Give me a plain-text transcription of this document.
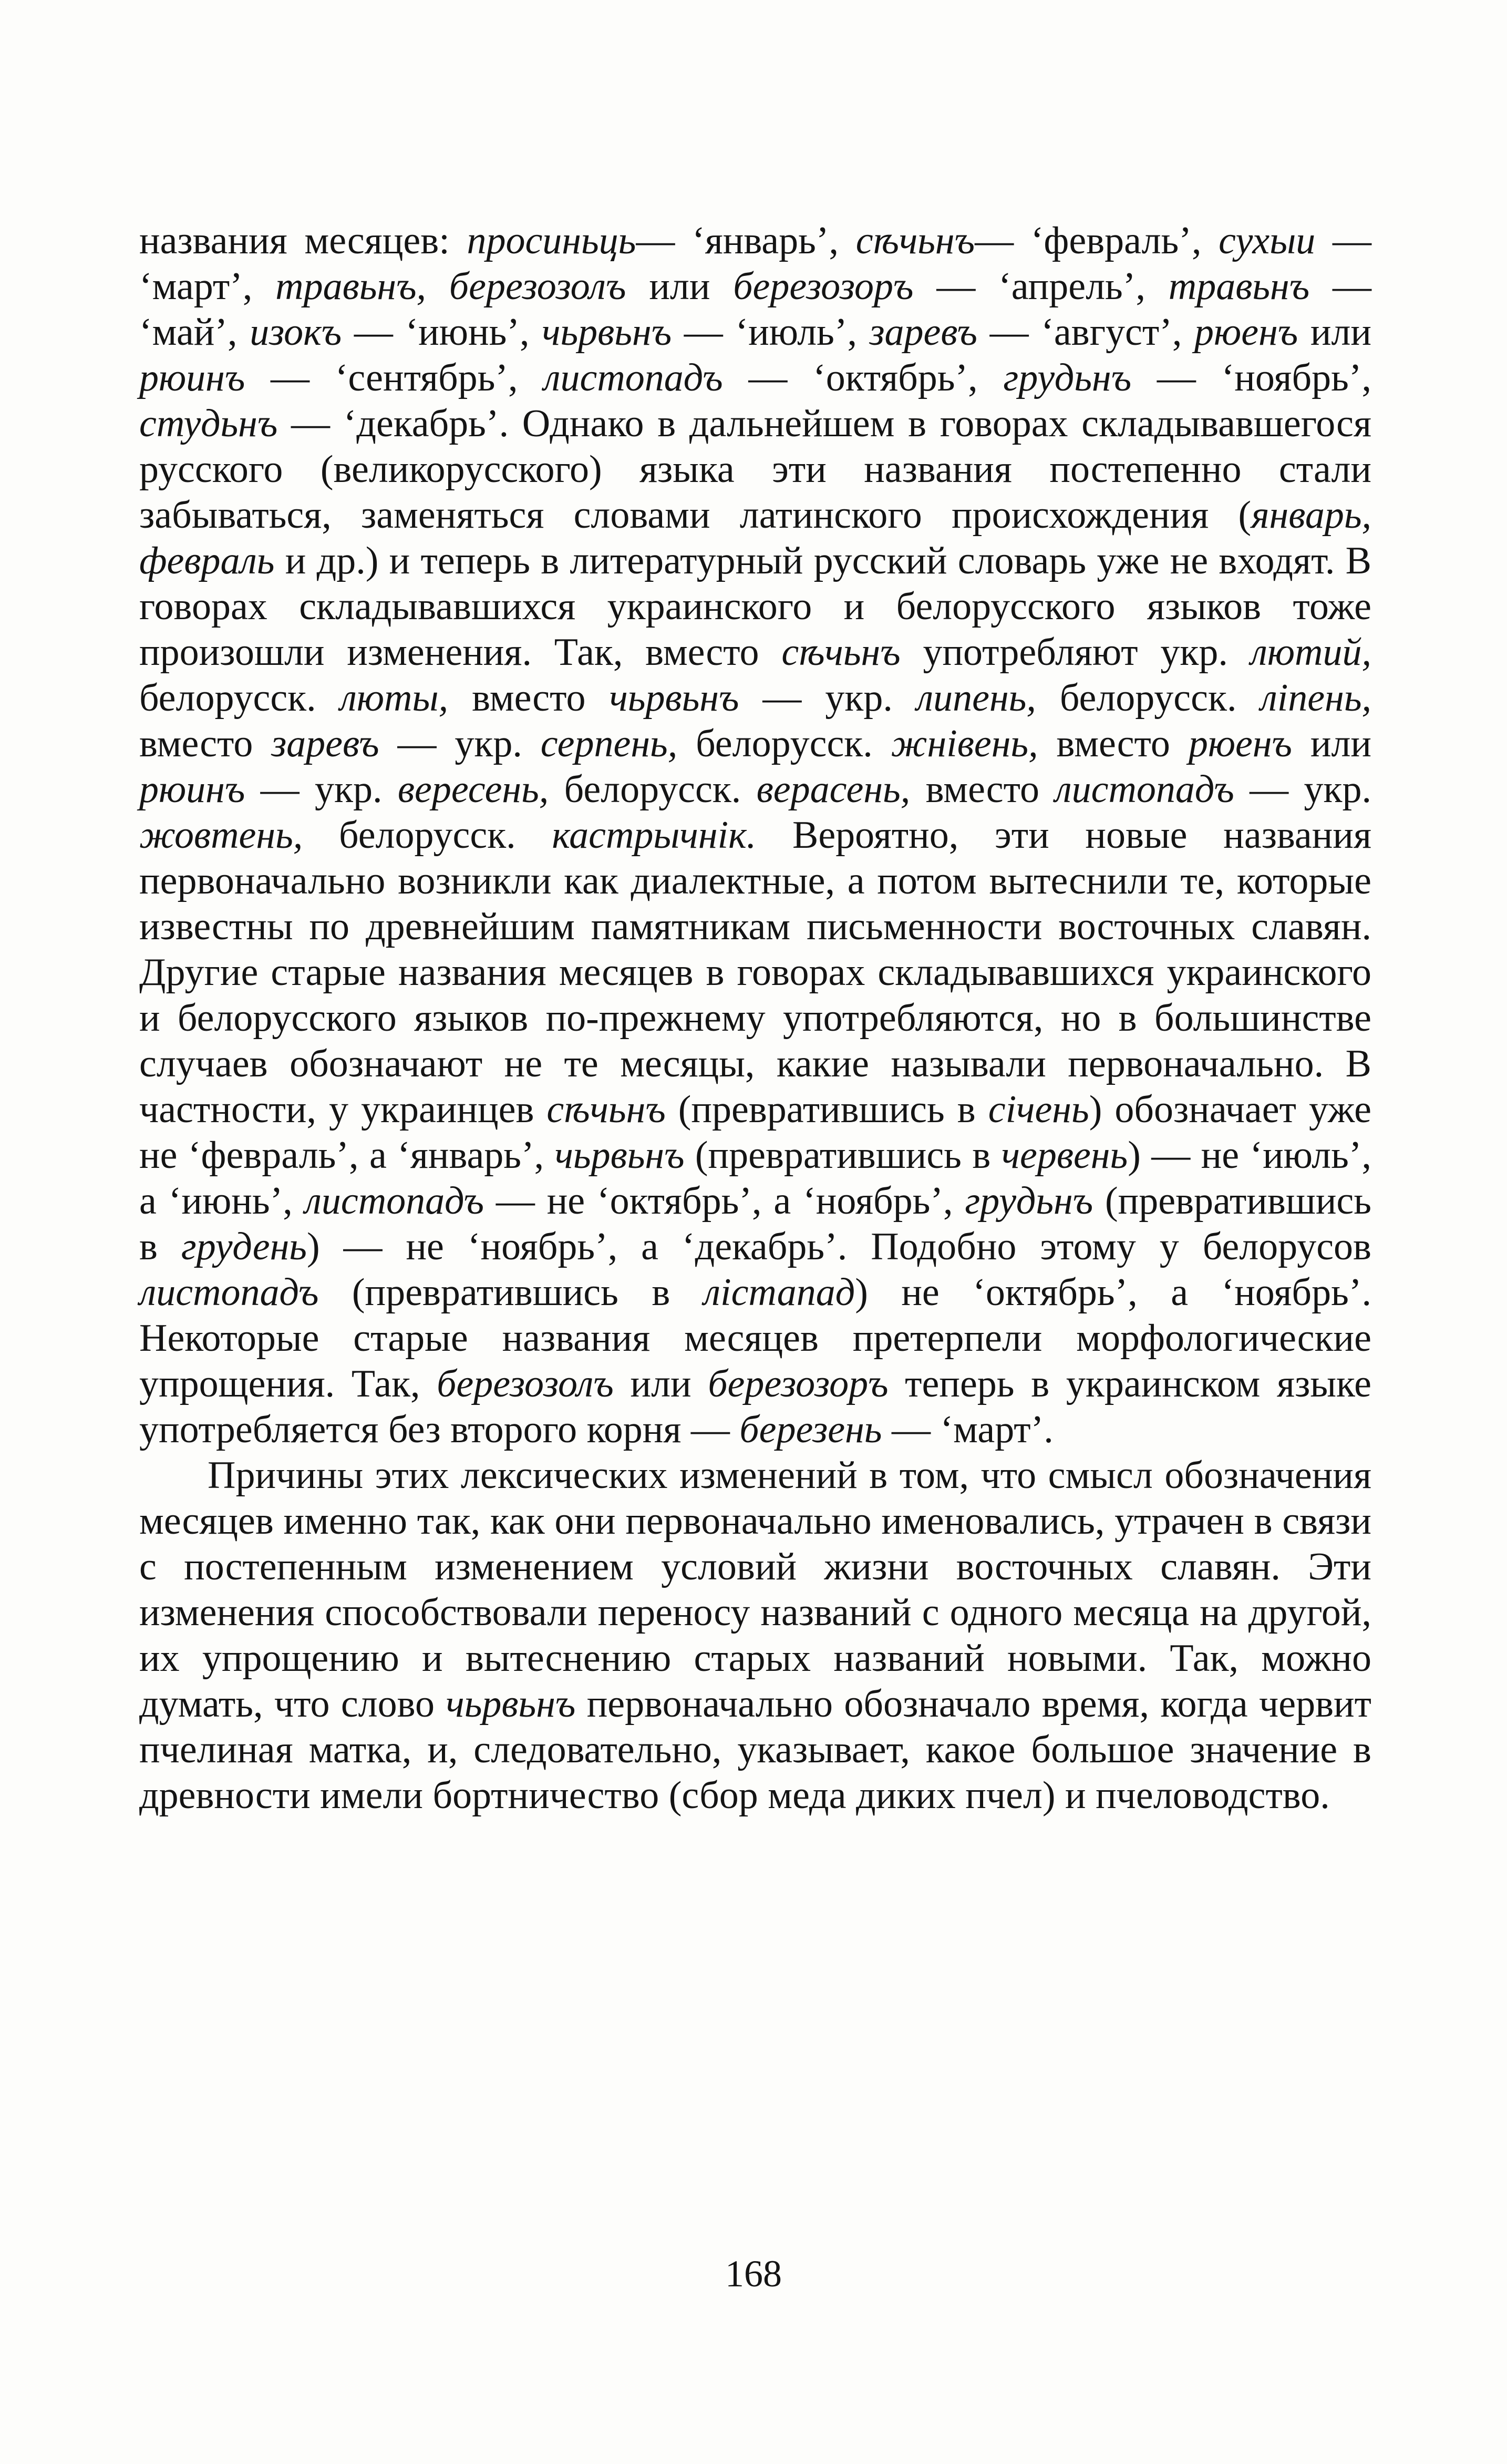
названия месяцев: просиньць— ‘январь’, сѣчьнъ— ‘февраль’, сухыи — ‘март’, травьнъ, березозолъ или березозоръ — ‘апрель’, травьнъ — ‘май’, изокъ — ‘июнь’, чьрвьнъ — ‘июль’, заревъ — ‘август’, рюенъ или рюинъ — ‘сентябрь’, листопадъ — ‘октябрь’, грудьнъ — ‘ноябрь’, студьнъ — ‘декабрь’. Однако в дальнейшем в говорах складывавшегося русского (великорусского) языка эти названия постепенно стали забываться, заменяться словами латинского происхождения (январь, февраль и др.) и теперь в литературный русский словарь уже не входят. В говорах складывавшихся украинского и белорусского языков тоже произошли изменения. Так, вместо сѣчьнъ употребляют укр. лютий, белорусск. люты, вместо чьрвьнъ — укр. липень, белорусск. лiпень, вместо заревъ — укр. серпень, белорусск. жнiвень, вместо рюенъ или рюинъ — укр. вересень, белорусск. верасень, вместо листопадъ — укр. жовтень, белорусск. кастрычнiк. Вероятно, эти новые названия первоначально возникли как диалектные, а потом вытеснили те, которые известны по древнейшим памятникам письменности восточных славян. Другие старые названия месяцев в говорах складывавшихся украинского и белорусского языков по-прежнему употребляются, но в большинстве случаев обозначают не те месяцы, какие называли первоначально. В частности, у украинцев сѣчьнъ (превратившись в сiчень) обозначает уже не ‘февраль’, а ‘январь’, чьрвьнъ (превратившись в червень) — не ‘июль’, а ‘июнь’, листопадъ — не ‘октябрь’, а ‘ноябрь’, грудьнъ (превратившись в грудень) — не ‘ноябрь’, а ‘декабрь’. Подобно этому у белорусов листопадъ (превратившись в лiстапад) не ‘октябрь’, а ‘ноябрь’. Некоторые старые названия месяцев претерпели морфологические упрощения. Так, березозолъ или березозоръ теперь в украинском языке употребляется без второго корня — березень — ‘март’.

Причины этих лексических изменений в том, что смысл обозначения месяцев именно так, как они первоначально именовались, утрачен в связи с постепенным изменением условий жизни восточных славян. Эти изменения способствовали переносу названий с одного месяца на другой, их упрощению и вытеснению старых названий новыми. Так, можно думать, что слово чьрвьнъ первоначально обозначало время, когда червит пчелиная матка, и, следовательно, указывает, какое большое значение в древности имели бортничество (сбор меда диких пчел) и пчеловодство.

168
